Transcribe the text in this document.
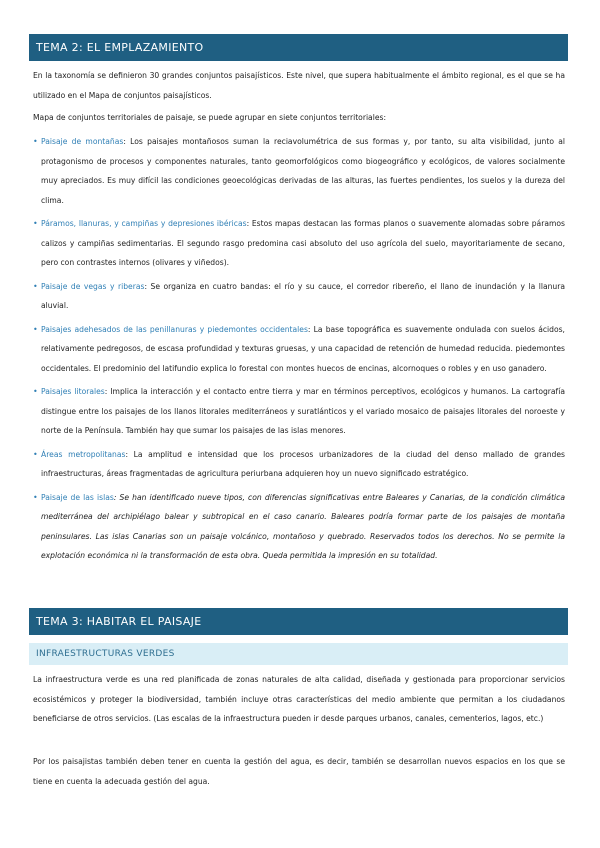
TEMA 2: EL EMPLAZAMIENTO

En la taxonomía se definieron 30 grandes conjuntos paisajísticos. Este nivel, que supera habitualmente el ámbito regional, es el que se ha utilizado en el Mapa de conjuntos paisajísticos.

Mapa de conjuntos territoriales de paisaje, se puede agrupar en siete conjuntos territoriales:

• Paisaje de montañas: Los paisajes montañosos suman la reciavolumétrica de sus formas y, por tanto, su alta visibilidad, junto al protagonismo de procesos y componentes naturales, tanto geomorfológicos como biogeográfico y ecológicos, de valores socialmente muy apreciados. Es muy difícil las condiciones geoecológicas derivadas de las alturas, las fuertes pendientes, los suelos y la dureza del clima.
• Páramos, llanuras, y campiñas y depresiones ibéricas: Estos mapas destacan las formas planos o suavemente alomadas sobre páramos calizos y campiñas sedimentarias. El segundo rasgo predomina casi absoluto del uso agrícola del suelo, mayoritariamente de secano, pero con contrastes internos (olivares y viñedos).
• Paisaje de vegas y riberas: Se organiza en cuatro bandas: el río y su cauce, el corredor ribereño, el llano de inundación y la llanura aluvial.
• Paisajes adehesados de las penillanuras y piedemontes occidentales: La base topográfica es suavemente ondulada con suelos ácidos, relativamente pedregosos, de escasa profundidad y texturas gruesas, y una capacidad de retención de humedad reducida. piedemontes occidentales. El predominio del latifundio explica lo forestal con montes huecos de encinas, alcornoques o robles y en uso ganadero.
• Paisajes litorales: Implica la interacción y el contacto entre tierra y mar en términos perceptivos, ecológicos y humanos. La cartografía distingue entre los paisajes de los llanos litorales mediterráneos y suratlánticos y el variado mosaico de paisajes litorales del noroeste y norte de la Península. También hay que sumar los paisajes de las islas menores.
• Áreas metropolitanas: La amplitud e intensidad que los procesos urbanizadores de la ciudad del denso mallado de grandes infraestructuras, áreas fragmentadas de agricultura periurbana adquieren hoy un nuevo significado estratégico.
• Paisaje de las islas: Se han identificado nueve tipos, con diferencias significativas entre Baleares y Canarias, de la condición climática mediterránea del archipiélago balear y subtropical en el caso canario. Baleares podría formar parte de los paisajes de montaña peninsulares. Las islas Canarias son un paisaje volcánico, montañoso y quebrado. Reservados todos los derechos. No se permite la explotación económica ni la transformación de esta obra. Queda permitida la impresión en su totalidad.
TEMA 3: HABITAR EL PAISAJE
INFRAESTRUCTURAS VERDES

La infraestructura verde es una red planificada de zonas naturales de alta calidad, diseñada y gestionada para proporcionar servicios ecosistémicos y proteger la biodiversidad, también incluye otras características del medio ambiente que permitan a los ciudadanos beneficiarse de otros servicios. (Las escalas de la infraestructura pueden ir desde parques urbanos, canales, cementerios, lagos, etc.)

Por los paisajistas también deben tener en cuenta la gestión del agua, es decir, también se desarrollan nuevos espacios en los que se tiene en cuenta la adecuada gestión del agua.
